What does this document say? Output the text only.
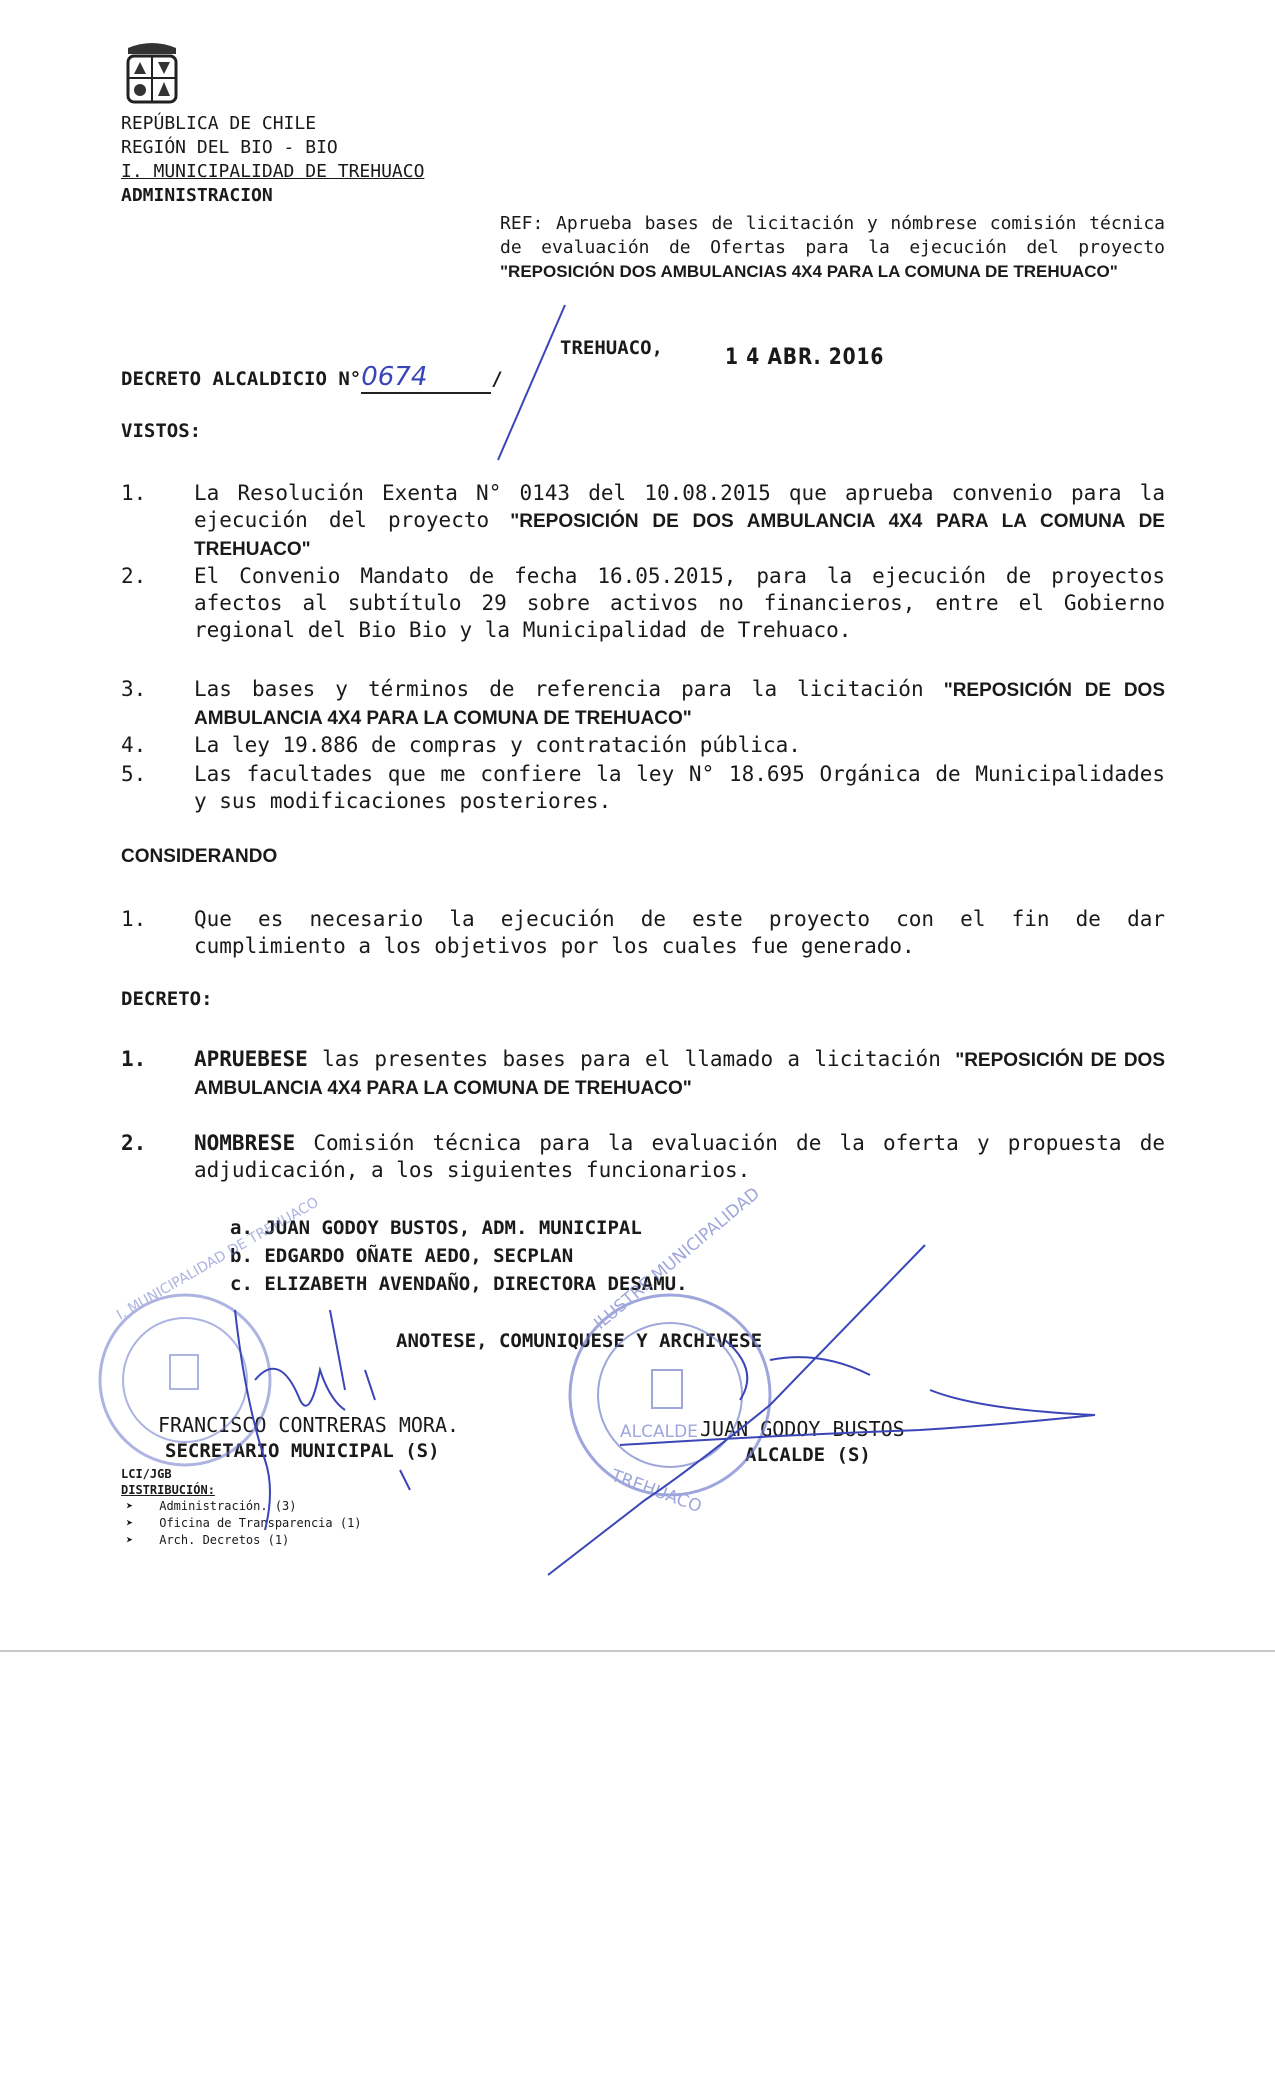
REPÚBLICA DE CHILE
REGIÓN DEL BIO - BIO
I. MUNICIPALIDAD DE TREHUACO
ADMINISTRACION
REF: Aprueba bases de licitación y nómbrese comisión técnica de evaluación de Ofertas para la ejecución del proyecto "REPOSICIÓN DOS AMBULANCIAS 4X4 PARA LA COMUNA DE TREHUACO"
DECRETO ALCALDICIO N°0674	/
TREHUACO,	1 4 ABR. 2016
VISTOS:
1. La Resolución Exenta N° 0143 del 10.08.2015 que aprueba convenio para la ejecución del proyecto "REPOSICIÓN DE DOS AMBULANCIA 4X4 PARA LA COMUNA DE TREHUACO"
2. El Convenio Mandato de fecha 16.05.2015, para la ejecución de proyectos afectos al subtítulo 29 sobre activos no financieros, entre el Gobierno regional del Bio Bio y la Municipalidad de Trehuaco.
3. Las bases y términos de referencia para la licitación "REPOSICIÓN DE DOS AMBULANCIA 4X4 PARA LA COMUNA DE TREHUACO"
4. La ley 19.886 de compras y contratación pública.
5. Las facultades que me confiere la ley N° 18.695 Orgánica de Municipalidades y sus modificaciones posteriores.
CONSIDERANDO
1. Que es necesario la ejecución de este proyecto con el fin de dar cumplimiento a los objetivos por los cuales fue generado.
DECRETO:
1. APRUEBESE las presentes bases para el llamado a licitación "REPOSICIÓN DE DOS AMBULANCIA 4X4 PARA LA COMUNA DE TREHUACO"
2. NOMBRESE Comisión técnica para la evaluación de la oferta y propuesta de adjudicación, a los siguientes funcionarios.
a. JUAN GODOY BUSTOS, ADM. MUNICIPAL
b. EDGARDO OÑATE AEDO, SECPLAN
c. ELIZABETH AVENDAÑO, DIRECTORA DESAMU.
ANOTESE, COMUNIQUESE Y ARCHIVESE
FRANCISCO CONTRERAS MORA.
SECRETARIO MUNICIPAL (S)
JUAN GODOY BUSTOS
ALCALDE (S)
LCI/JGB
DISTRIBUCIÓN:
➤ Administración. (3)
➤ Oficina de Transparencia (1)
➤ Arch. Decretos (1)
I. MUNICIPALIDAD DE TREHUACO	ILUSTRE MUNICIPALIDAD
ALCALDE
TREHUACO
